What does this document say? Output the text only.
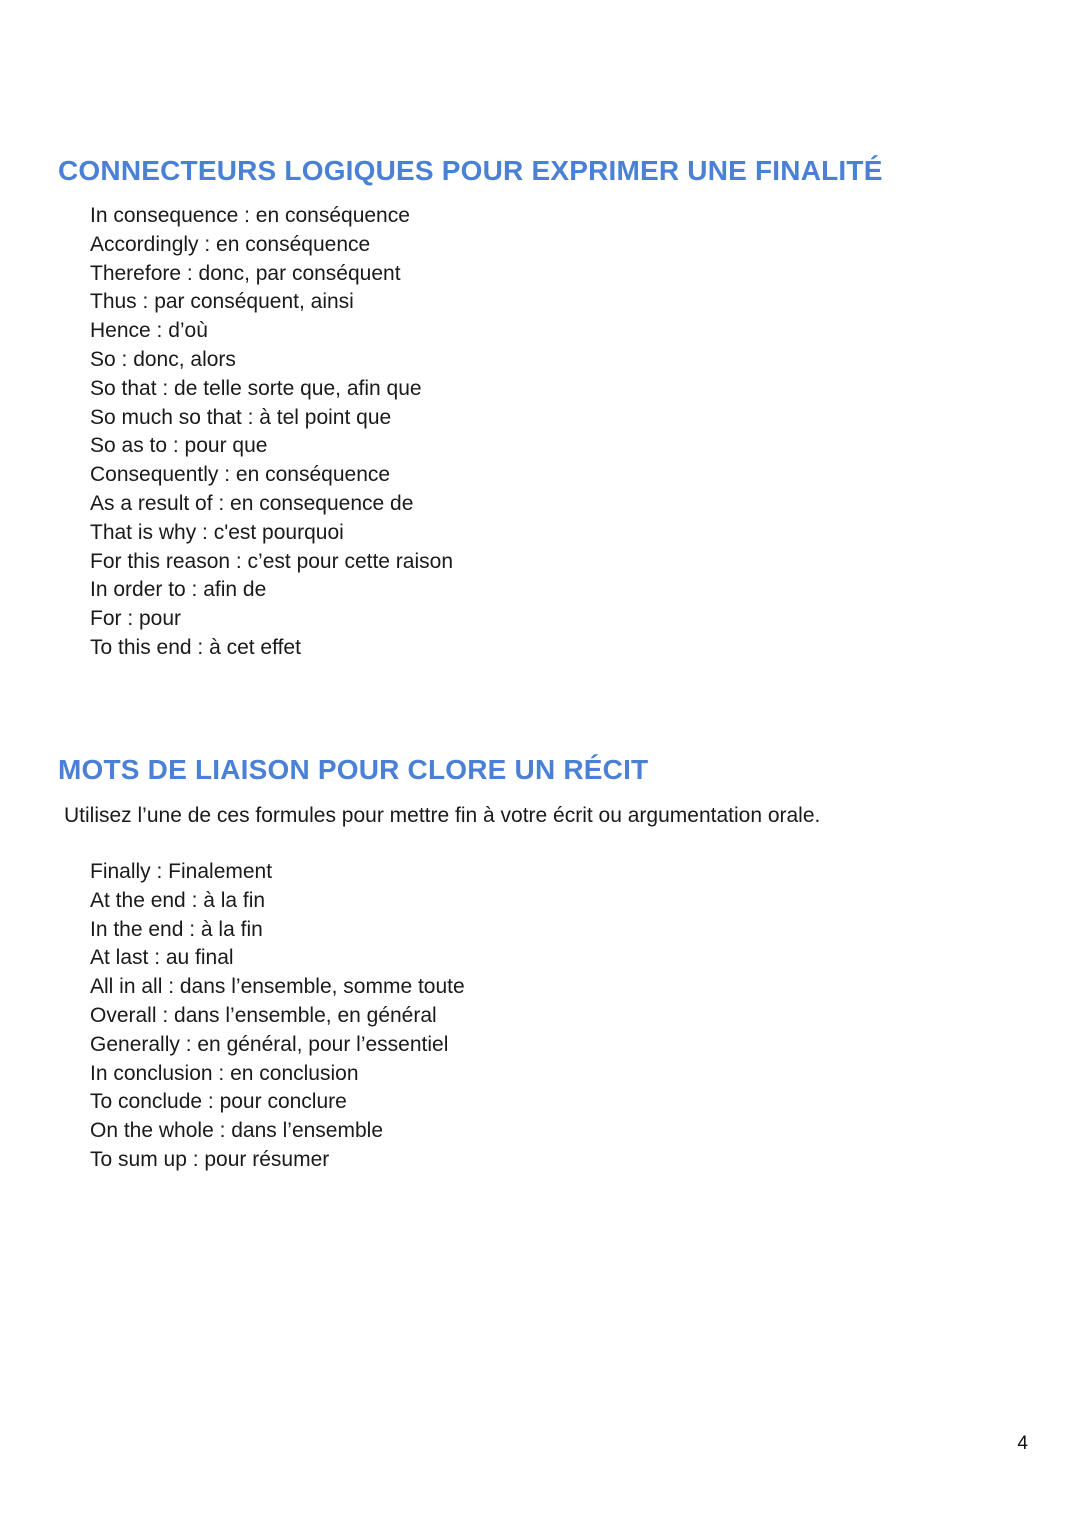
CONNECTEURS LOGIQUES POUR EXPRIMER UNE FINALITÉ
In consequence : en conséquence
Accordingly : en conséquence
Therefore : donc, par conséquent
Thus : par conséquent, ainsi
Hence : d’où
So : donc, alors
So that : de telle sorte que, afin que
So much so that : à tel point que
So as to : pour que
Consequently : en conséquence
As a result of : en consequence de
That is why : c'est pourquoi
For this reason : c’est pour cette raison
In order to : afin de
For : pour
To this end : à cet effet
MOTS DE LIAISON POUR CLORE UN RÉCIT

Utilisez l’une de ces formules pour mettre fin à votre écrit ou argumentation orale.

Finally : Finalement
At the end : à la fin
In the end : à la fin
At last : au final
All in all : dans l’ensemble, somme toute
Overall : dans l’ensemble, en général
Generally : en général, pour l’essentiel
In conclusion : en conclusion
To conclude : pour conclure
On the whole : dans l’ensemble
To sum up : pour résumer
4
